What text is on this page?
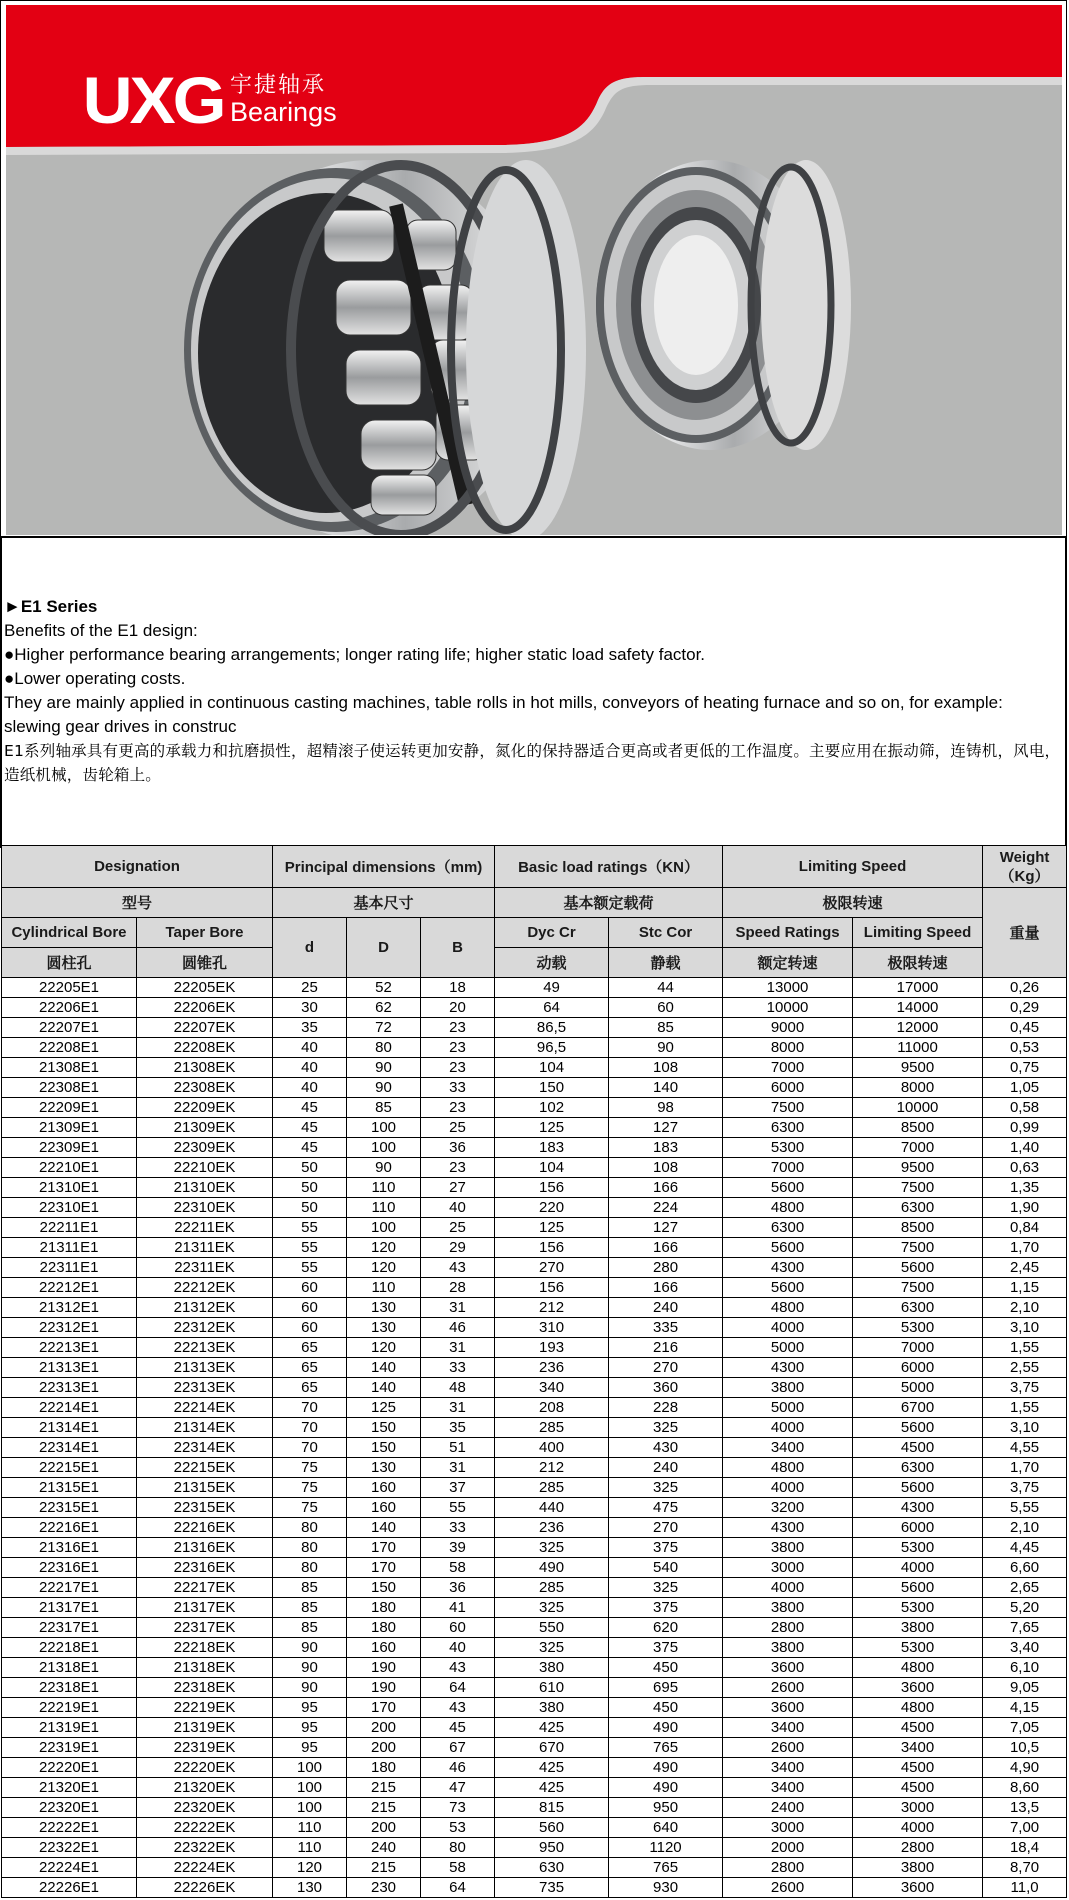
UXG 宇捷轴承
Bearings
►E1 Series
Benefits of the E1 design:
●Higher performance bearing arrangements; longer rating life; higher static load safety factor.
●Lower operating costs.
They are mainly applied in continuous casting machines, table rolls in hot mills, conveyors of heating furnace and so on, for example: slewing gear drives in construc
E1系列轴承具有更高的承载力和抗磨损性，超精滚子使运转更加安静，氮化的保持器适合更高或者更低的工作温度。主要应用在振动筛，连铸机，风电，造纸机械，齿轮箱上。
Designation		Principal dimensions（mm)			Basic load ratings（KN）		Limiting Speed		Weight（Kg）
型号		基本尺寸			基本额定载荷		极限转速		重量
Cylindrical Bore	Taper Bore	d	D	B	Dyc Cr	Stc Cor	Speed Ratings	Limiting Speed	
圆柱孔	圆锥孔				动载	静载	额定转速	极限转速	
22205E1	22205EK	25	52	18	49	44	13000	17000	0,26
22206E1	22206EK	30	62	20	64	60	10000	14000	0,29
22207E1	22207EK	35	72	23	86,5	85	9000	12000	0,45
22208E1	22208EK	40	80	23	96,5	90	8000	11000	0,53
21308E1	21308EK	40	90	23	104	108	7000	9500	0,75
22308E1	22308EK	40	90	33	150	140	6000	8000	1,05
22209E1	22209EK	45	85	23	102	98	7500	10000	0,58
21309E1	21309EK	45	100	25	125	127	6300	8500	0,99
22309E1	22309EK	45	100	36	183	183	5300	7000	1,40
22210E1	22210EK	50	90	23	104	108	7000	9500	0,63
21310E1	21310EK	50	110	27	156	166	5600	7500	1,35
22310E1	22310EK	50	110	40	220	224	4800	6300	1,90
22211E1	22211EK	55	100	25	125	127	6300	8500	0,84
21311E1	21311EK	55	120	29	156	166	5600	7500	1,70
22311E1	22311EK	55	120	43	270	280	4300	5600	2,45
22212E1	22212EK	60	110	28	156	166	5600	7500	1,15
21312E1	21312EK	60	130	31	212	240	4800	6300	2,10
22312E1	22312EK	60	130	46	310	335	4000	5300	3,10
22213E1	22213EK	65	120	31	193	216	5000	7000	1,55
21313E1	21313EK	65	140	33	236	270	4300	6000	2,55
22313E1	22313EK	65	140	48	340	360	3800	5000	3,75
22214E1	22214EK	70	125	31	208	228	5000	6700	1,55
21314E1	21314EK	70	150	35	285	325	4000	5600	3,10
22314E1	22314EK	70	150	51	400	430	3400	4500	4,55
22215E1	22215EK	75	130	31	212	240	4800	6300	1,70
21315E1	21315EK	75	160	37	285	325	4000	5600	3,75
22315E1	22315EK	75	160	55	440	475	3200	4300	5,55
22216E1	22216EK	80	140	33	236	270	4300	6000	2,10
21316E1	21316EK	80	170	39	325	375	3800	5300	4,45
22316E1	22316EK	80	170	58	490	540	3000	4000	6,60
22217E1	22217EK	85	150	36	285	325	4000	5600	2,65
21317E1	21317EK	85	180	41	325	375	3800	5300	5,20
22317E1	22317EK	85	180	60	550	620	2800	3800	7,65
22218E1	22218EK	90	160	40	325	375	3800	5300	3,40
21318E1	21318EK	90	190	43	380	450	3600	4800	6,10
22318E1	22318EK	90	190	64	610	695	2600	3600	9,05
22219E1	22219EK	95	170	43	380	450	3600	4800	4,15
21319E1	21319EK	95	200	45	425	490	3400	4500	7,05
22319E1	22319EK	95	200	67	670	765	2600	3400	10,5
22220E1	22220EK	100	180	46	425	490	3400	4500	4,90
21320E1	21320EK	100	215	47	425	490	3400	4500	8,60
22320E1	22320EK	100	215	73	815	950	2400	3000	13,5
22222E1	22222EK	110	200	53	560	640	3000	4000	7,00
22322E1	22322EK	110	240	80	950	1120	2000	2800	18,4
22224E1	22224EK	120	215	58	630	765	2800	3800	8,70
22226E1	22226EK	130	230	64	735	930	2600	3600	11,0
